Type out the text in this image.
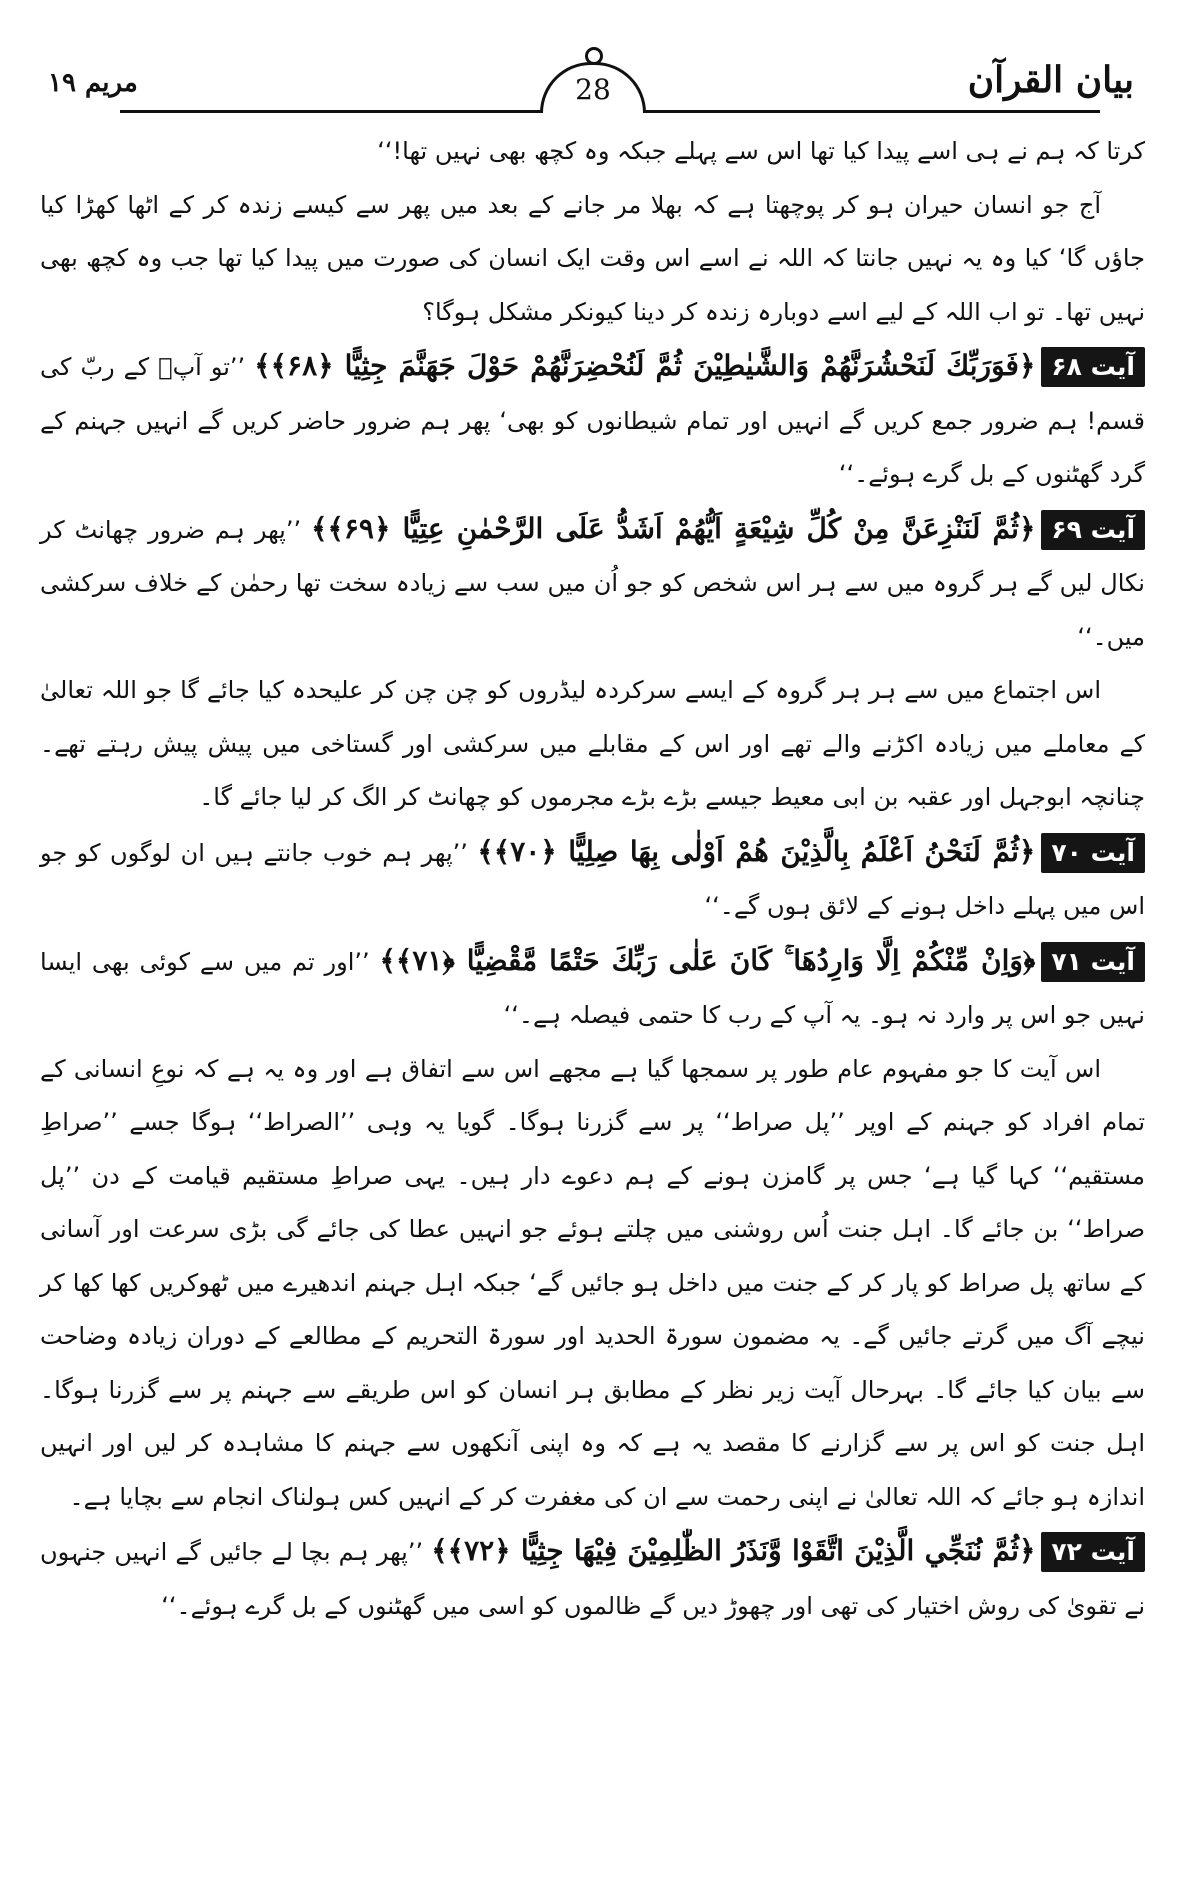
بیان القرآن
28
مریم ۱۹

کرتا کہ ہم نے ہی اسے پیدا کیا تھا اس سے پہلے جبکہ وہ کچھ بھی نہیں تھا!‘‘

آج جو انسان حیران ہو کر پوچھتا ہے کہ بھلا مر جانے کے بعد میں پھر سے کیسے زندہ کر کے اٹھا کھڑا کیا جاؤں گا‘ کیا وہ یہ نہیں جانتا کہ اللہ نے اسے اس وقت ایک انسان کی صورت میں پیدا کیا تھا جب وہ کچھ بھی نہیں تھا۔ تو اب اللہ کے لیے اسے دوبارہ زندہ کر دینا کیونکر مشکل ہوگا؟

آیت ۶۸﴿فَوَرَبِّكَ لَنَحْشُرَنَّهُمْ وَالشَّيٰطِيْنَ ثُمَّ لَنُحْضِرَنَّهُمْ حَوْلَ جَهَنَّمَ جِثِيًّا ﴿۶۸﴾﴾ ’’تو آپؐ کے ربّ کی قسم! ہم ضرور جمع کریں گے انہیں اور تمام شیطانوں کو بھی‘ پھر ہم ضرور حاضر کریں گے انہیں جہنم کے گرد گھٹنوں کے بل گرے ہوئے۔‘‘

آیت ۶۹﴿ثُمَّ لَنَنْزِعَنَّ مِنْ كُلِّ شِيْعَةٍ اَيُّهُمْ اَشَدُّ عَلَى الرَّحْمٰنِ عِتِيًّا ﴿۶۹﴾﴾ ’’پھر ہم ضرور چھانٹ کر نکال لیں گے ہر گروہ میں سے ہر اس شخص کو جو اُن میں سب سے زیادہ سخت تھا رحمٰن کے خلاف سرکشی میں۔‘‘

اس اجتماع میں سے ہر ہر گروہ کے ایسے سرکردہ لیڈروں کو چن چن کر علیحدہ کیا جائے گا جو اللہ تعالیٰ کے معاملے میں زیادہ اکڑنے والے تھے اور اس کے مقابلے میں سرکشی اور گستاخی میں پیش پیش رہتے تھے۔ چنانچہ ابوجہل اور عقبہ بن ابی معیط جیسے بڑے بڑے مجرموں کو چھانٹ کر الگ کر لیا جائے گا۔

آیت ۷۰﴿ثُمَّ لَنَحْنُ اَعْلَمُ بِالَّذِيْنَ هُمْ اَوْلٰى بِهَا صِلِيًّا ﴿۷۰﴾﴾ ’’پھر ہم خوب جانتے ہیں ان لوگوں کو جو اس میں پہلے داخل ہونے کے لائق ہوں گے۔‘‘

آیت ۷۱﴿وَاِنْ مِّنْكُمْ اِلَّا وَارِدُهَا ۚ كَانَ عَلٰى رَبِّكَ حَتْمًا مَّقْضِيًّا ﴿۷۱﴾﴾ ’’اور تم میں سے کوئی بھی ایسا نہیں جو اس پر وارد نہ ہو۔ یہ آپ کے رب کا حتمی فیصلہ ہے۔‘‘

اس آیت کا جو مفہوم عام طور پر سمجھا گیا ہے مجھے اس سے اتفاق ہے اور وہ یہ ہے کہ نوعِ انسانی کے تمام افراد کو جہنم کے اوپر ’’پل صراط‘‘ پر سے گزرنا ہوگا۔ گویا یہ وہی ’’الصراط‘‘ ہوگا جسے ’’صراطِ مستقیم‘‘ کہا گیا ہے‘ جس پر گامزن ہونے کے ہم دعوے دار ہیں۔ یہی صراطِ مستقیم قیامت کے دن ’’پل صراط‘‘ بن جائے گا۔ اہل جنت اُس روشنی میں چلتے ہوئے جو انہیں عطا کی جائے گی بڑی سرعت اور آسانی کے ساتھ پل صراط کو پار کر کے جنت میں داخل ہو جائیں گے‘ جبکہ اہل جہنم اندھیرے میں ٹھوکریں کھا کھا کر نیچے آگ میں گرتے جائیں گے۔ یہ مضمون سورۃ الحدید اور سورۃ التحریم کے مطالعے کے دوران زیادہ وضاحت سے بیان کیا جائے گا۔ بہرحال آیت زیر نظر کے مطابق ہر انسان کو اس طریقے سے جہنم پر سے گزرنا ہوگا۔ اہل جنت کو اس پر سے گزارنے کا مقصد یہ ہے کہ وہ اپنی آنکھوں سے جہنم کا مشاہدہ کر لیں اور انہیں اندازہ ہو جائے کہ اللہ تعالیٰ نے اپنی رحمت سے ان کی مغفرت کر کے انہیں کس ہولناک انجام سے بچایا ہے۔

آیت ۷۲﴿ثُمَّ نُنَجِّي الَّذِيْنَ اتَّقَوْا وَّنَذَرُ الظّٰلِمِيْنَ فِيْهَا جِثِيًّا ﴿۷۲﴾﴾ ’’پھر ہم بچا لے جائیں گے انہیں جنہوں نے تقویٰ کی روش اختیار کی تھی اور چھوڑ دیں گے ظالموں کو اسی میں گھٹنوں کے بل گرے ہوئے۔‘‘
